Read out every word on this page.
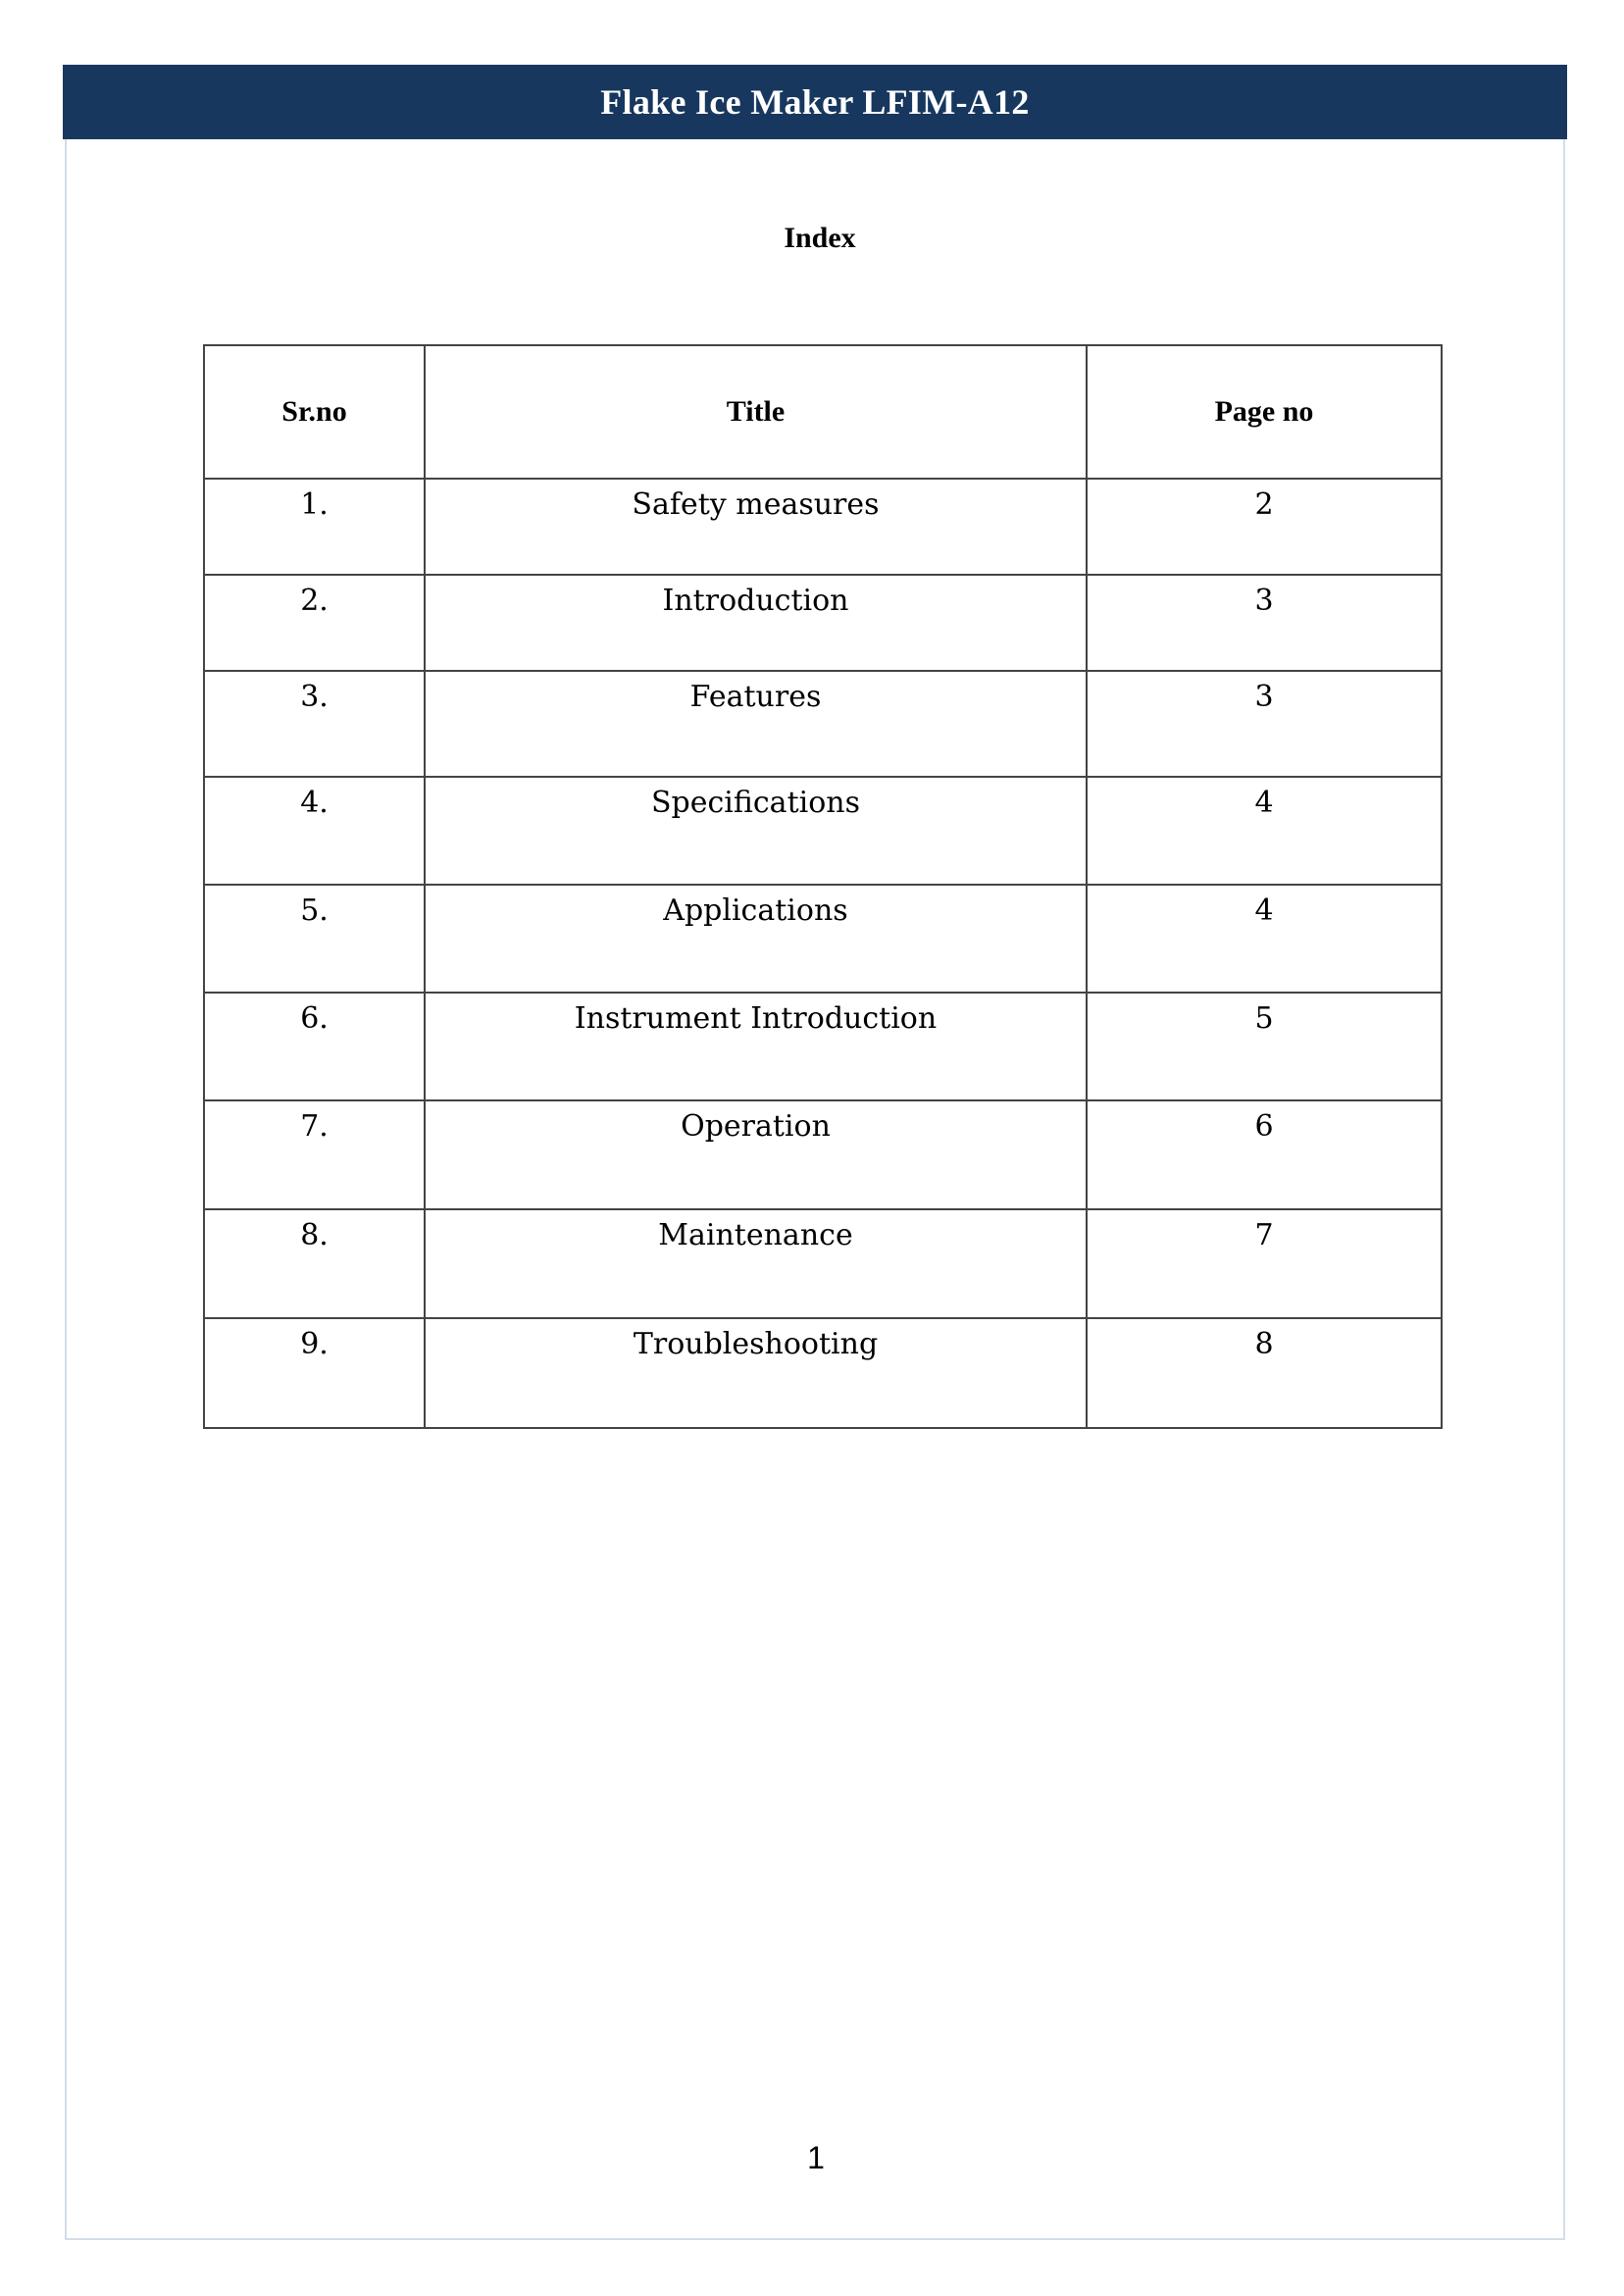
Flake Ice Maker LFIM-A12
Index
Sr.no	Title	Page no
1.	Safety measures	2
2.	Introduction	3
3.	Features	3
4.	Specifications	4
5.	Applications	4
6.	Instrument Introduction	5
7.	Operation	6
8.	Maintenance	7
9.	Troubleshooting	8
1
